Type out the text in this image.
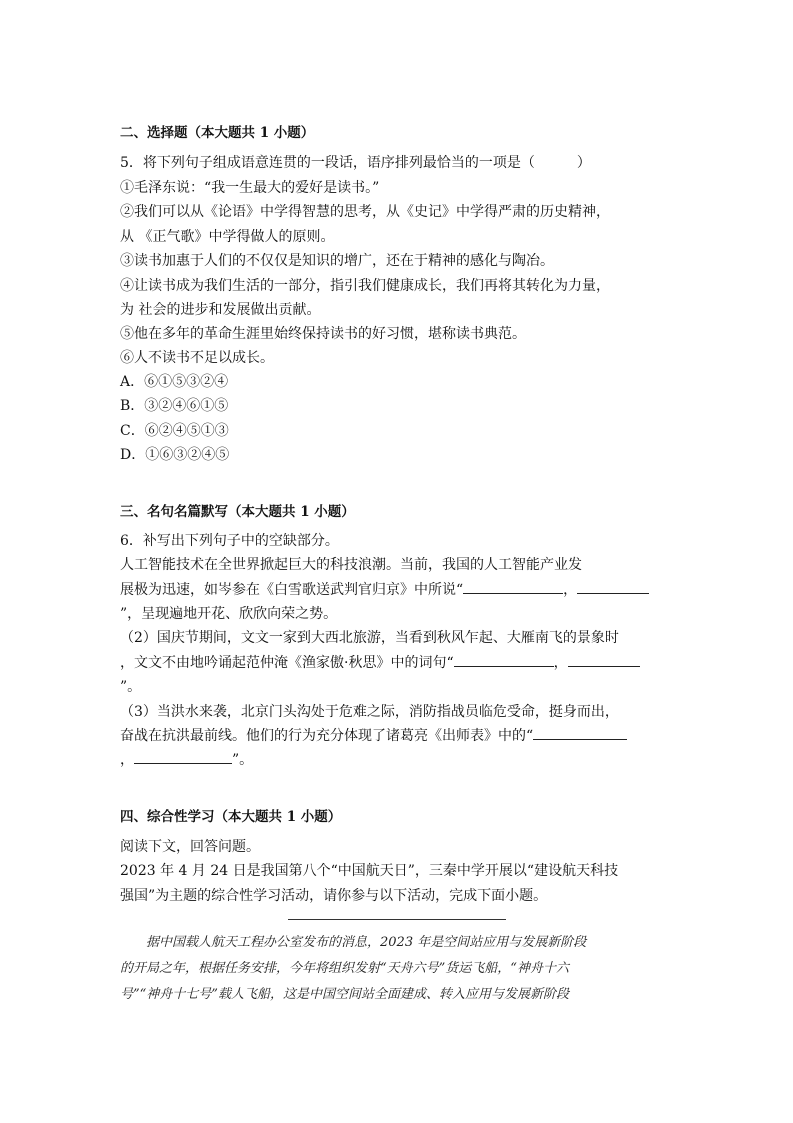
二、选择题（本大题共 1 小题）
5．将下列句子组成语意连贯的一段话，语序排列最恰当的一项是（　　　）
①毛泽东说：“我一生最大的爱好是读书。”
②我们可以从《论语》中学得智慧的思考，从《史记》中学得严肃的历史精神，
从 《正气歌》中学得做人的原则。
③读书加惠于人们的不仅仅是知识的增广，还在于精神的感化与陶冶。
④让读书成为我们生活的一部分，指引我们健康成长，我们再将其转化为力量，
为 社会的进步和发展做出贡献。
⑤他在多年的革命生涯里始终保持读书的好习惯，堪称读书典范。
⑥人不读书不足以成长。
A．⑥①⑤③②④
B．③②④⑥①⑤
C．⑥②④⑤①③
D．①⑥③②④⑤
三、名句名篇默写（本大题共 1 小题）
6．补写出下列句子中的空缺部分。
人工智能技术在全世界掀起巨大的科技浪潮。当前，我国的人工智能产业发
展极为迅速，如岑参在《白雪歌送武判官归京》中所说“	，
”，呈现遍地开花、欣欣向荣之势。
（2）国庆节期间，文文一家到大西北旅游，当看到秋风乍起、大雁南飞的景象时
，文文不由地吟诵起范仲淹《渔家傲·秋思》中的词句“	，
”。
（3）当洪水来袭，北京门头沟处于危难之际，消防指战员临危受命，挺身而出，
奋战在抗洪最前线。他们的行为充分体现了诸葛亮《出师表》中的“
，	”。
四、综合性学习（本大题共 1 小题）
阅读下文，回答问题。
2023 年 4 月 24 日是我国第八个“中国航天日”，三秦中学开展以“建设航天科技
强国”为主题的综合性学习活动，请你参与以下活动，完成下面小题。
据中国载人航天工程办公室发布的消息，2023 年是空间站应用与发展新阶段
的开局之年，根据任务安排，今年将组织发射“天舟六号”货运飞船，“神舟十六
号”“神舟十七号”载人飞船，这是中国空间站全面建成、转入应用与发展新阶段
